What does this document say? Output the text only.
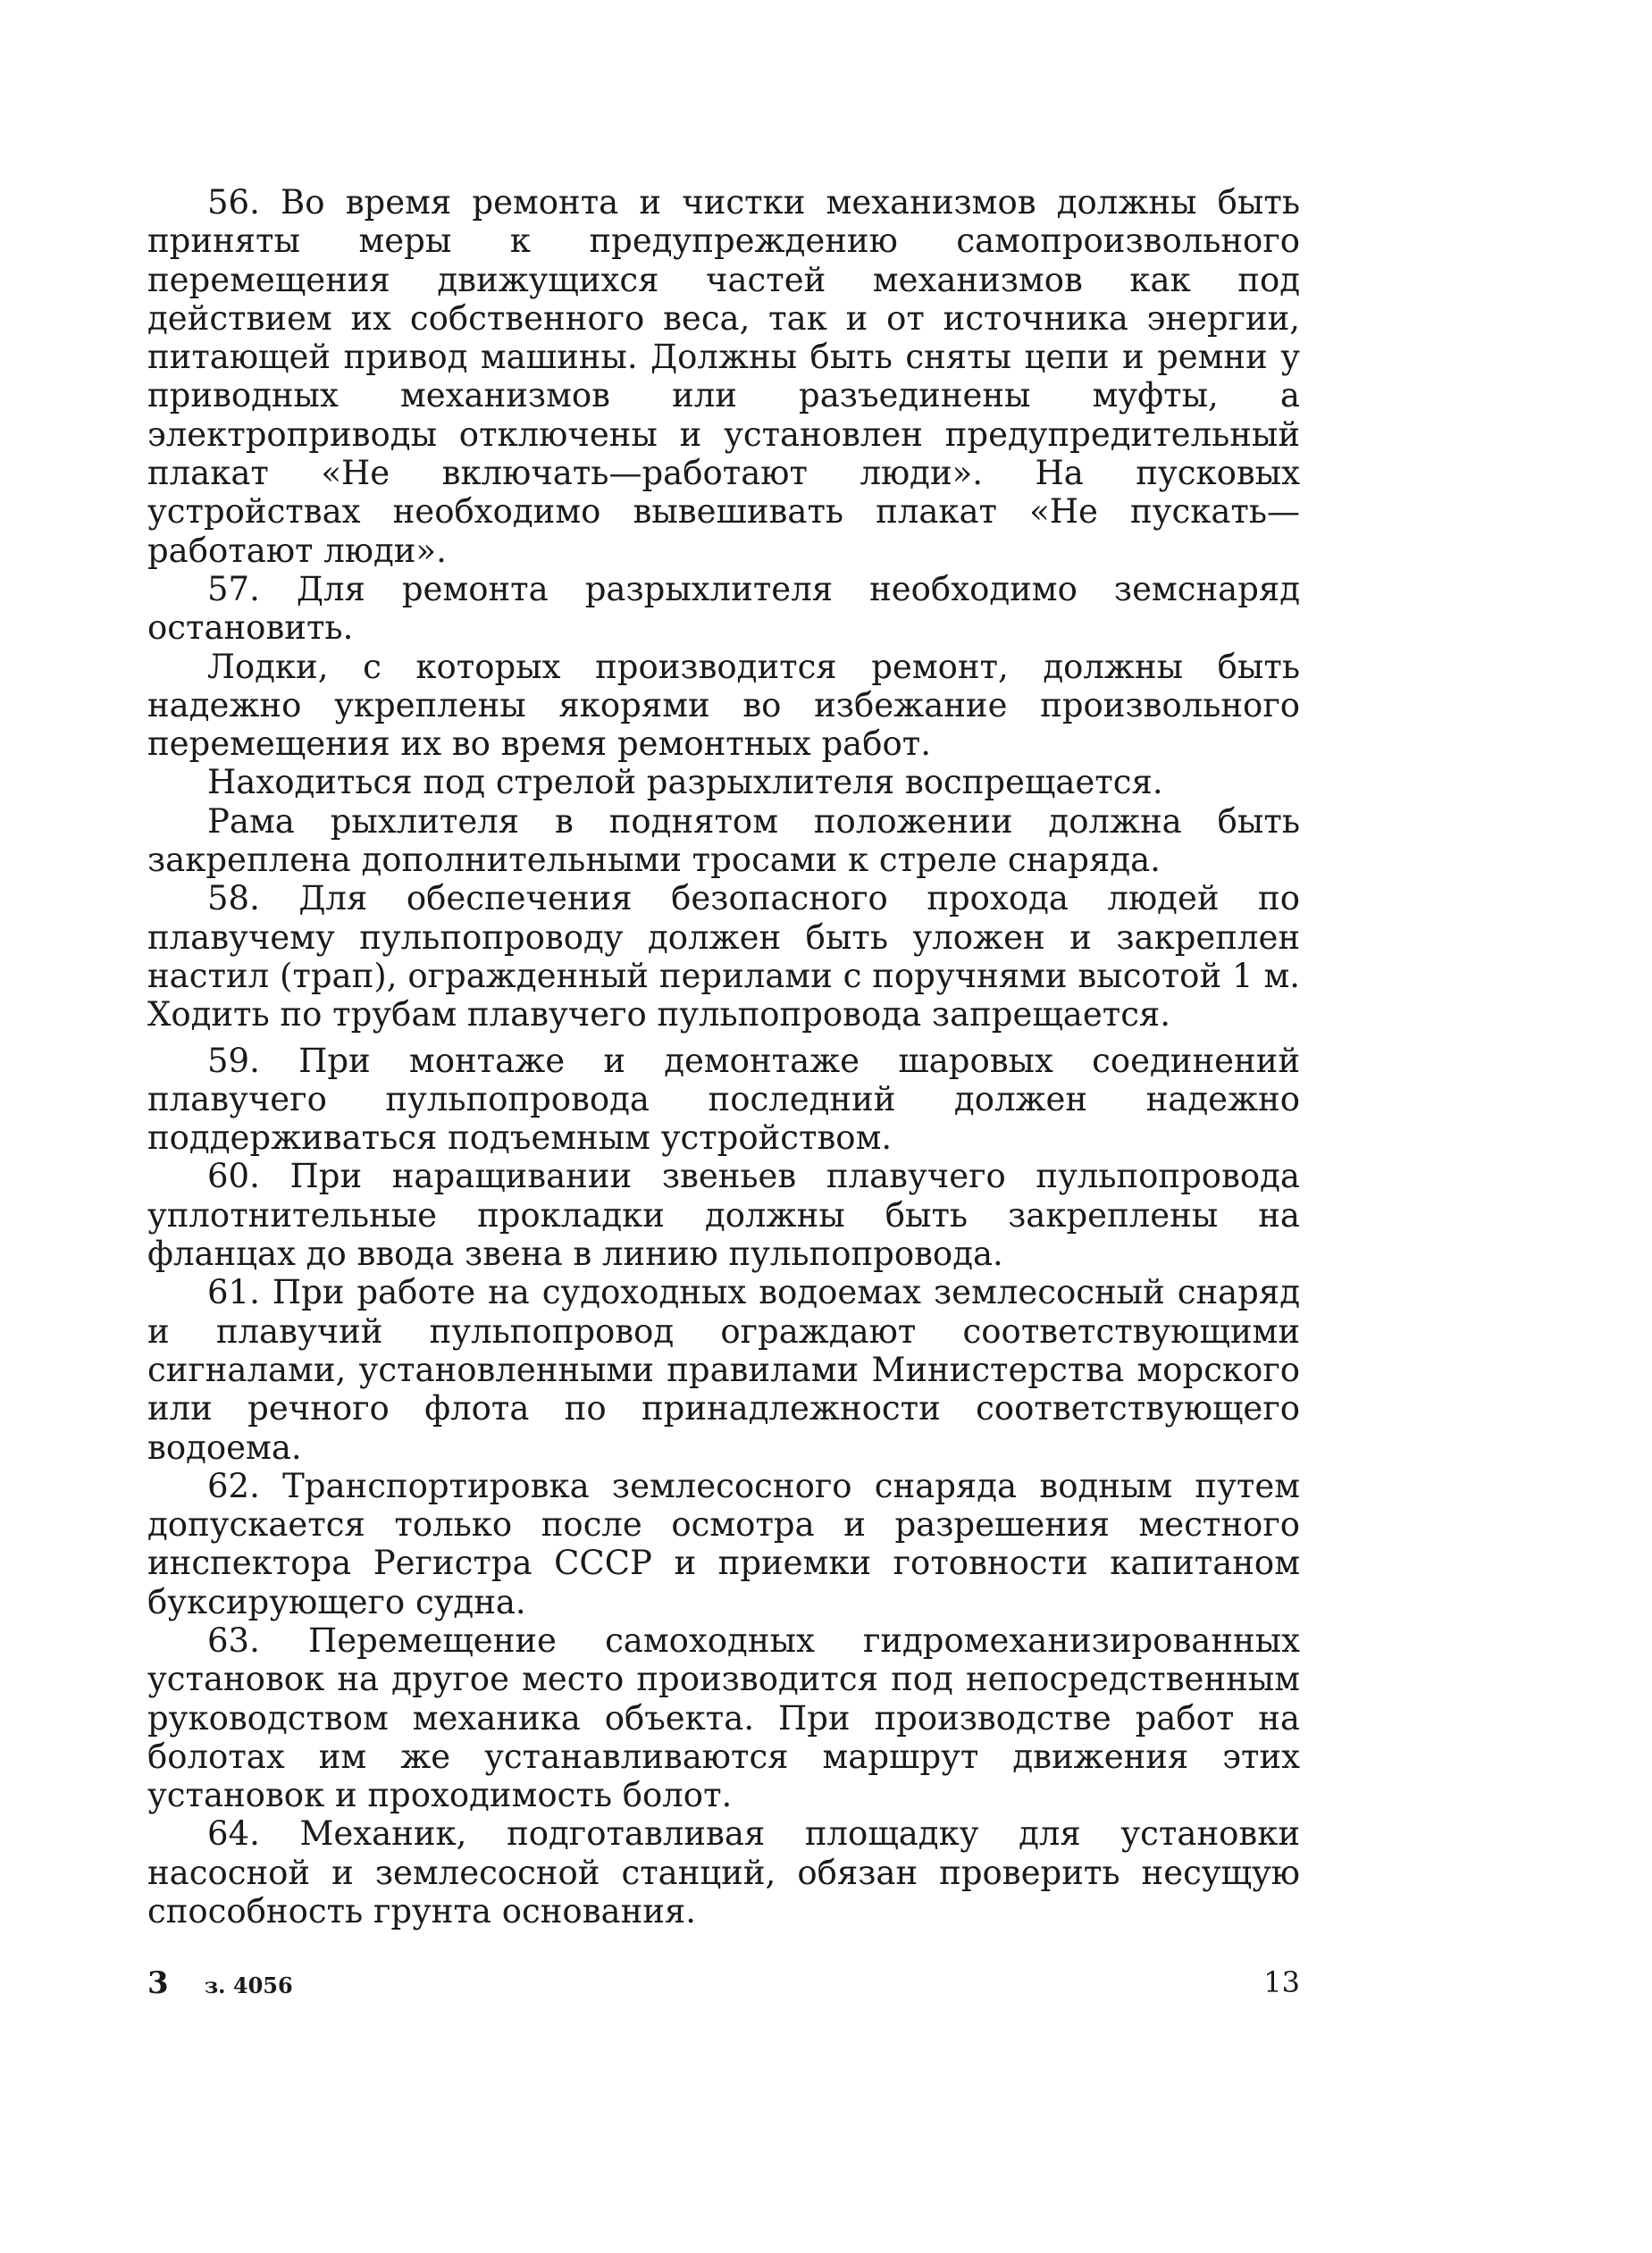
56. Во время ремонта и чистки механизмов должны быть приняты меры к предупреждению самопроизвольного перемещения движущихся частей механизмов как под действием их собственного веса, так и от источника энергии, питающей привод машины. Должны быть сняты цепи и ремни у приводных механизмов или разъединены муфты, а электроприводы отключены и установлен предупредительный плакат «Не включать—работают люди». На пусковых устройствах необходимо вывешивать плакат «Не пускать—работают люди».

57. Для ремонта разрыхлителя необходимо земснаряд остановить.

Лодки, с которых производится ремонт, должны быть надежно укреплены якорями во избежание произвольного перемещения их во время ремонтных работ.

Находиться под стрелой разрыхлителя воспрещается.

Рама рыхлителя в поднятом положении должна быть закреплена дополнительными тросами к стреле снаряда.

58. Для обеспечения безопасного прохода людей по плавучему пульпопроводу должен быть уложен и закреплен настил (трап), огражденный перилами с поручнями высотой 1 м. Ходить по трубам плавучего пульпопровода запрещается.

59. При монтаже и демонтаже шаровых соединений плавучего пульпопровода последний должен надежно поддерживаться подъемным устройством.

60. При наращивании звеньев плавучего пульпопровода уплотнительные прокладки должны быть закреплены на фланцах до ввода звена в линию пульпопровода.

61. При работе на судоходных водоемах землесосный снаряд и плавучий пульпопровод ограждают соответствующими сигналами, установленными правилами Министерства морского или речного флота по принадлежности соответствующего водоема.

62. Транспортировка землесосного снаряда водным путем допускается только после осмотра и разрешения местного инспектора Регистра СССР и приемки готовности капитаном буксирующего судна.

63. Перемещение самоходных гидромеханизированных установок на другое место производится под непосредственным руководством механика объекта. При производстве работ на болотах им же устанавливаются маршрут движения этих установок и проходимость болот.

64. Механик, подготавливая площадку для установки насосной и землесосной станций, обязан проверить несущую способность грунта основания.

3 з. 4056	13
